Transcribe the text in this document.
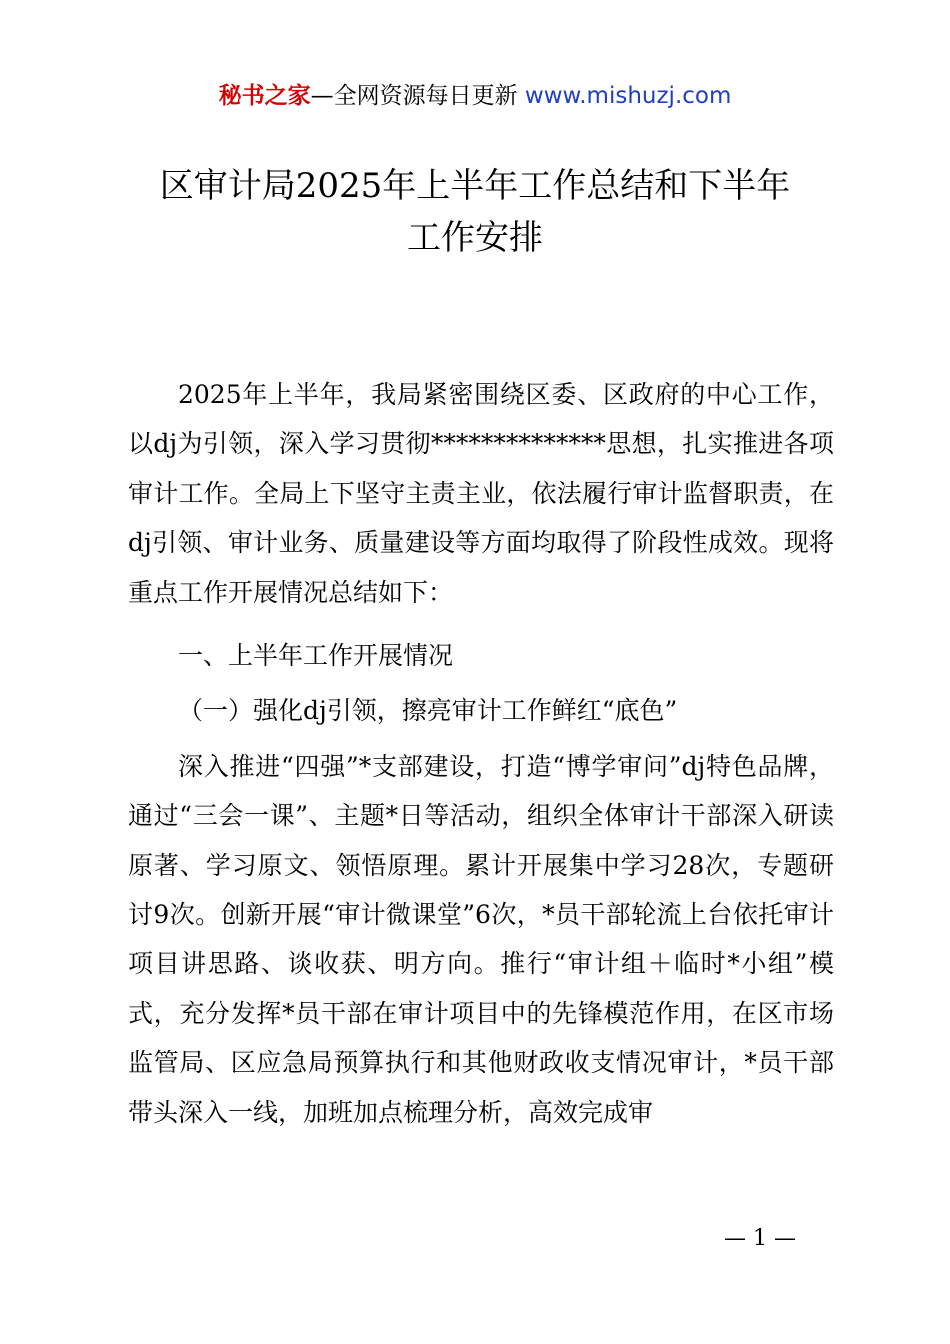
秘书之家—全网资源每日更新 www.mishuzj.com
区审计局2025年上半年工作总结和下半年
工作安排

2025年上半年，我局紧密围绕区委、区政府的中心工作，以dj为引领，深入学习贯彻**************思想，扎实推进各项审计工作。全局上下坚守主责主业，依法履行审计监督职责，在dj引领、审计业务、质量建设等方面均取得了阶段性成效。现将重点工作开展情况总结如下：

一、上半年工作开展情况

（一）强化dj引领，擦亮审计工作鲜红“底色”

深入推进“四强”*支部建设，打造“博学审问”dj特色品牌，通过“三会一课”、主题*日等活动，组织全体审计干部深入研读原著、学习原文、领悟原理。累计开展集中学习28次，专题研讨9次。创新开展“审计微课堂”6次，*员干部轮流上台依托审计项目讲思路、谈收获、明方向。推行“审计组＋临时*小组”模式，充分发挥*员干部在审计项目中的先锋模范作用，在区市场监管局、区应急局预算执行和其他财政收支情况审计，*员干部带头深入一线，加班加点梳理分析，高效完成审

— 1 —
